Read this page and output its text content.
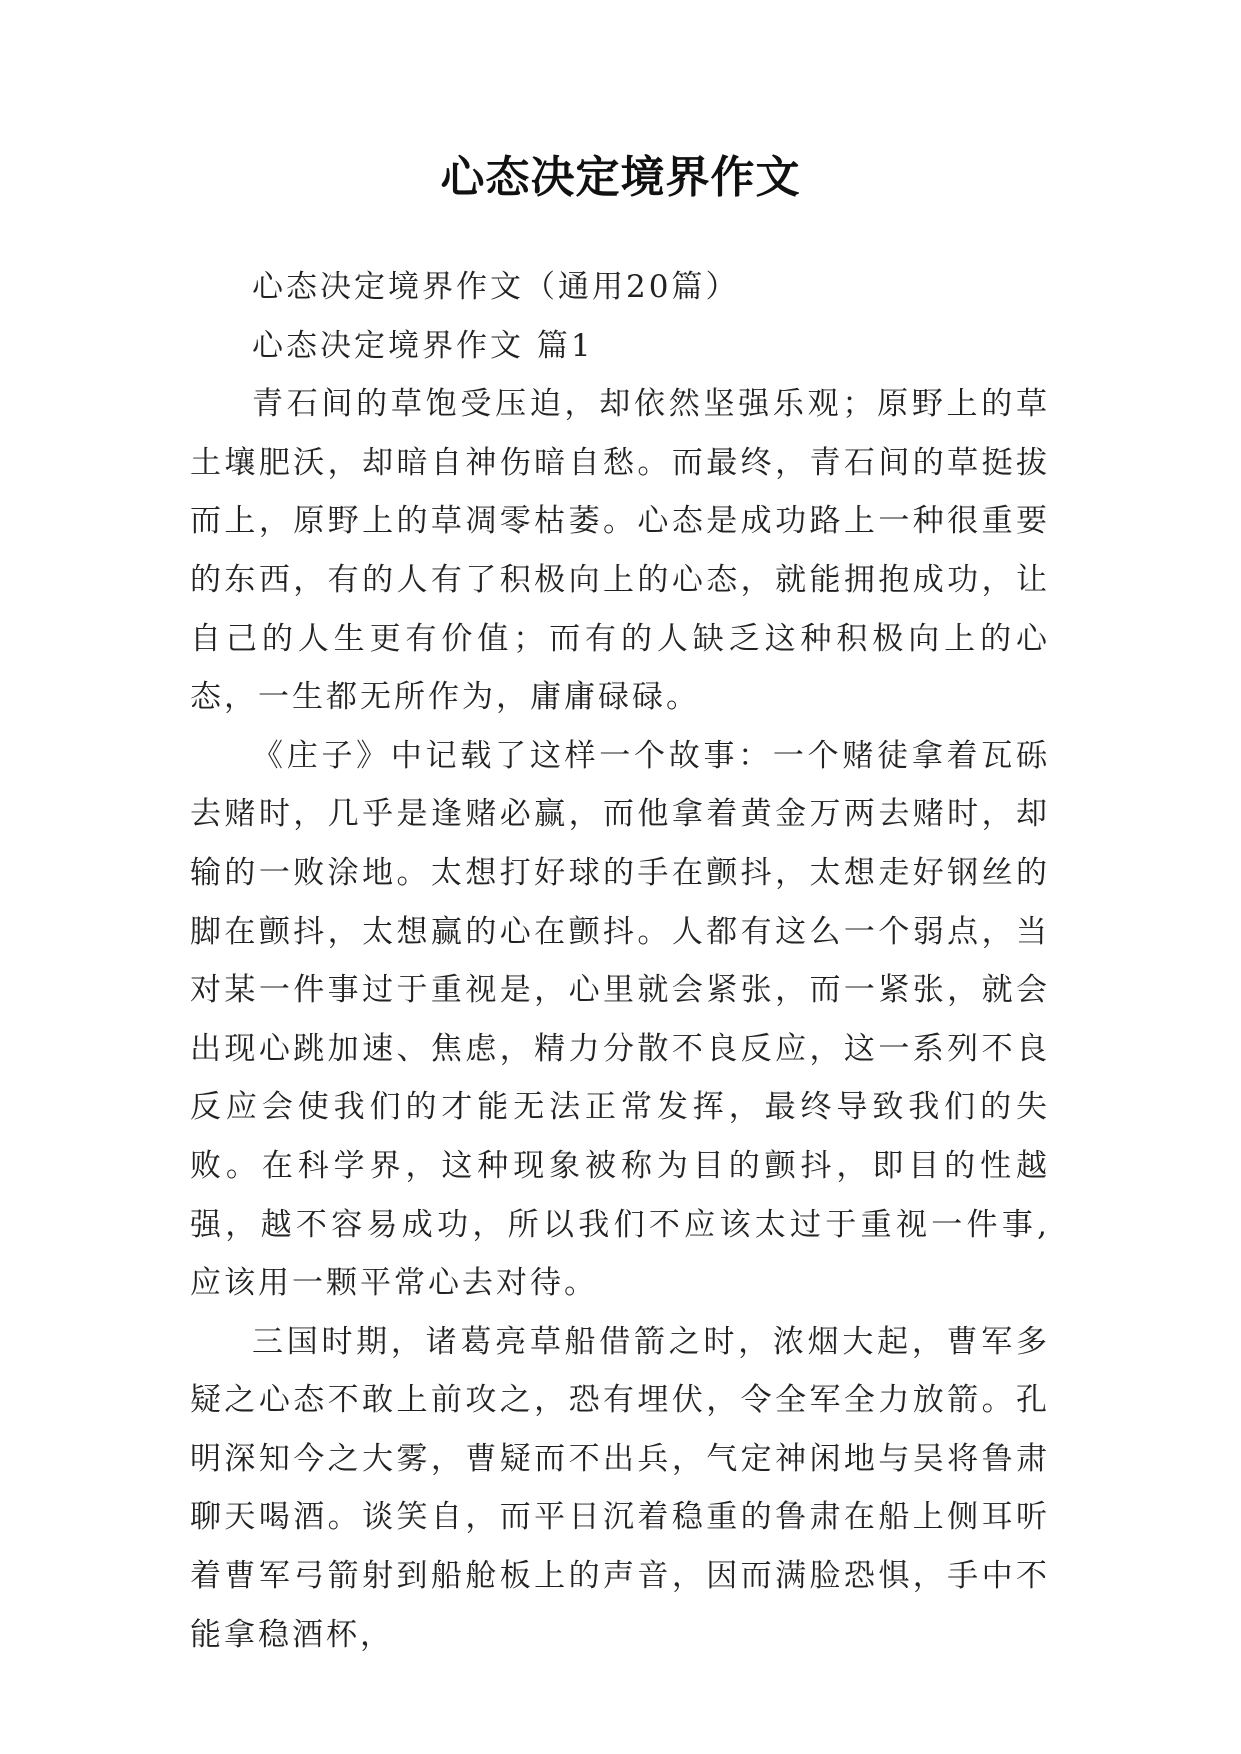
心态决定境界作文

心态决定境界作文（通用20篇）

心态决定境界作文 篇1

青石间的草饱受压迫，却依然坚强乐观；原野上的草土壤肥沃，却暗自神伤暗自愁。而最终，青石间的草挺拔而上，原野上的草凋零枯萎。心态是成功路上一种很重要的东西，有的人有了积极向上的心态，就能拥抱成功，让自己的人生更有价值；而有的人缺乏这种积极向上的心态，一生都无所作为，庸庸碌碌。

《庄子》中记载了这样一个故事：一个赌徒拿着瓦砾去赌时，几乎是逢赌必赢，而他拿着黄金万两去赌时，却输的一败涂地。太想打好球的手在颤抖，太想走好钢丝的脚在颤抖，太想赢的心在颤抖。人都有这么一个弱点，当对某一件事过于重视是，心里就会紧张，而一紧张，就会出现心跳加速、焦虑，精力分散不良反应，这一系列不良反应会使我们的才能无法正常发挥，最终导致我们的失败。在科学界，这种现象被称为目的颤抖，即目的性越强，越不容易成功，所以我们不应该太过于重视一件事,应该用一颗平常心去对待。

三国时期，诸葛亮草船借箭之时，浓烟大起，曹军多疑之心态不敢上前攻之，恐有埋伏，令全军全力放箭。孔明深知今之大雾，曹疑而不出兵，气定神闲地与吴将鲁肃聊天喝酒。谈笑自，而平日沉着稳重的鲁肃在船上侧耳听着曹军弓箭射到船舱板上的声音，因而满脸恐惧，手中不能拿稳酒杯，
